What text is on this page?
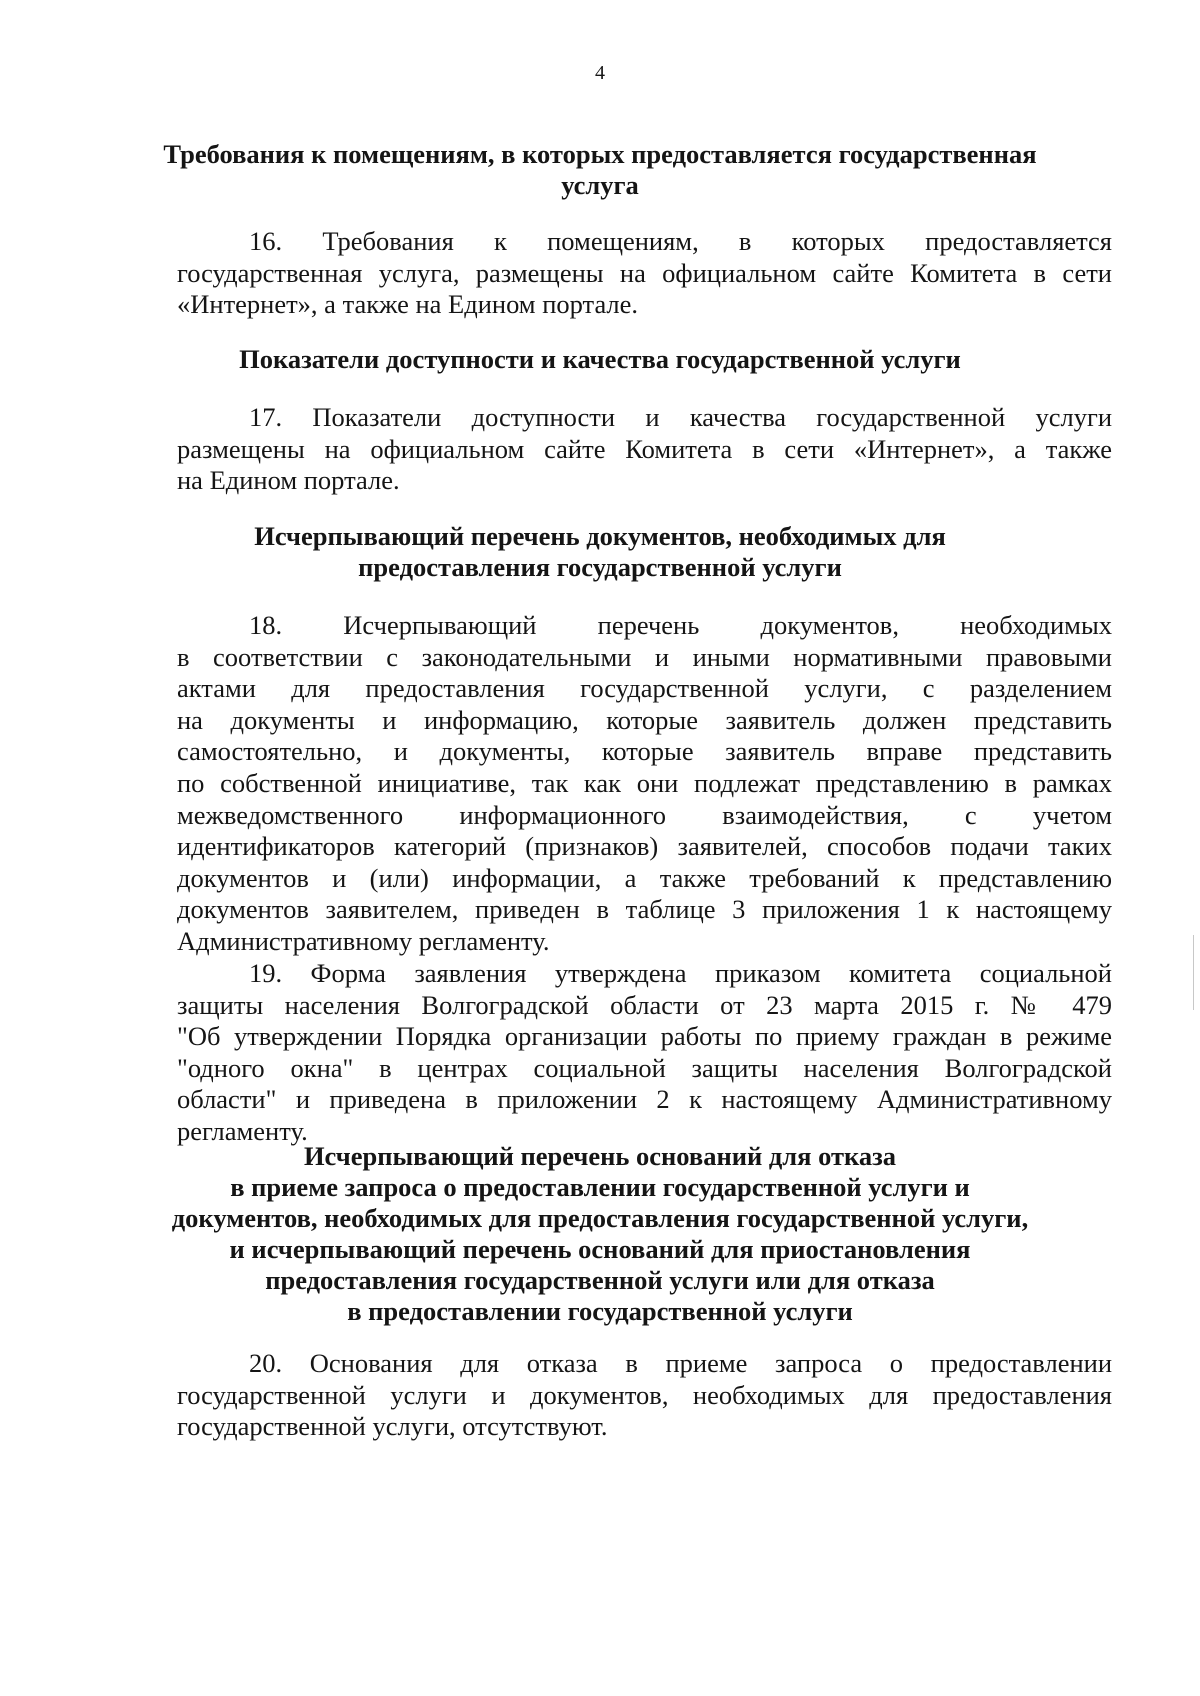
4
Требования к помещениям, в которых предоставляется государственная
услуга
16. Требования к помещениям, в которых предоставляется
государственная услуга, размещены на официальном сайте Комитета в сети
«Интернет», а также на Едином портале.
Показатели доступности и качества государственной услуги
17. Показатели доступности и качества государственной услуги
размещены на официальном сайте Комитета в сети «Интернет», а также
на Едином портале.
Исчерпывающий перечень документов, необходимых для
предоставления государственной услуги
18. Исчерпывающий перечень документов, необходимых
в соответствии с законодательными и иными нормативными правовыми
актами для предоставления государственной услуги, с разделением
на документы и информацию, которые заявитель должен представить
самостоятельно, и документы, которые заявитель вправе представить
по собственной инициативе, так как они подлежат представлению в рамках
межведомственного информационного взаимодействия, с учетом
идентификаторов категорий (признаков) заявителей, способов подачи таких
документов и (или) информации, а также требований к представлению
документов заявителем, приведен в таблице 3 приложения 1 к настоящему
Административному регламенту.
19. Форма заявления утверждена приказом комитета социальной
защиты населения Волгоградской области от 23 марта 2015 г. № 479
"Об утверждении Порядка организации работы по приему граждан в режиме
"одного окна" в центрах социальной защиты населения Волгоградской
области" и приведена в приложении 2 к настоящему Административному
регламенту.
Исчерпывающий перечень оснований для отказа
в приеме запроса о предоставлении государственной услуги и
документов, необходимых для предоставления государственной услуги,
и исчерпывающий перечень оснований для приостановления
предоставления государственной услуги или для отказа
в предоставлении государственной услуги
20. Основания для отказа в приеме запроса о предоставлении
государственной услуги и документов, необходимых для предоставления
государственной услуги, отсутствуют.
